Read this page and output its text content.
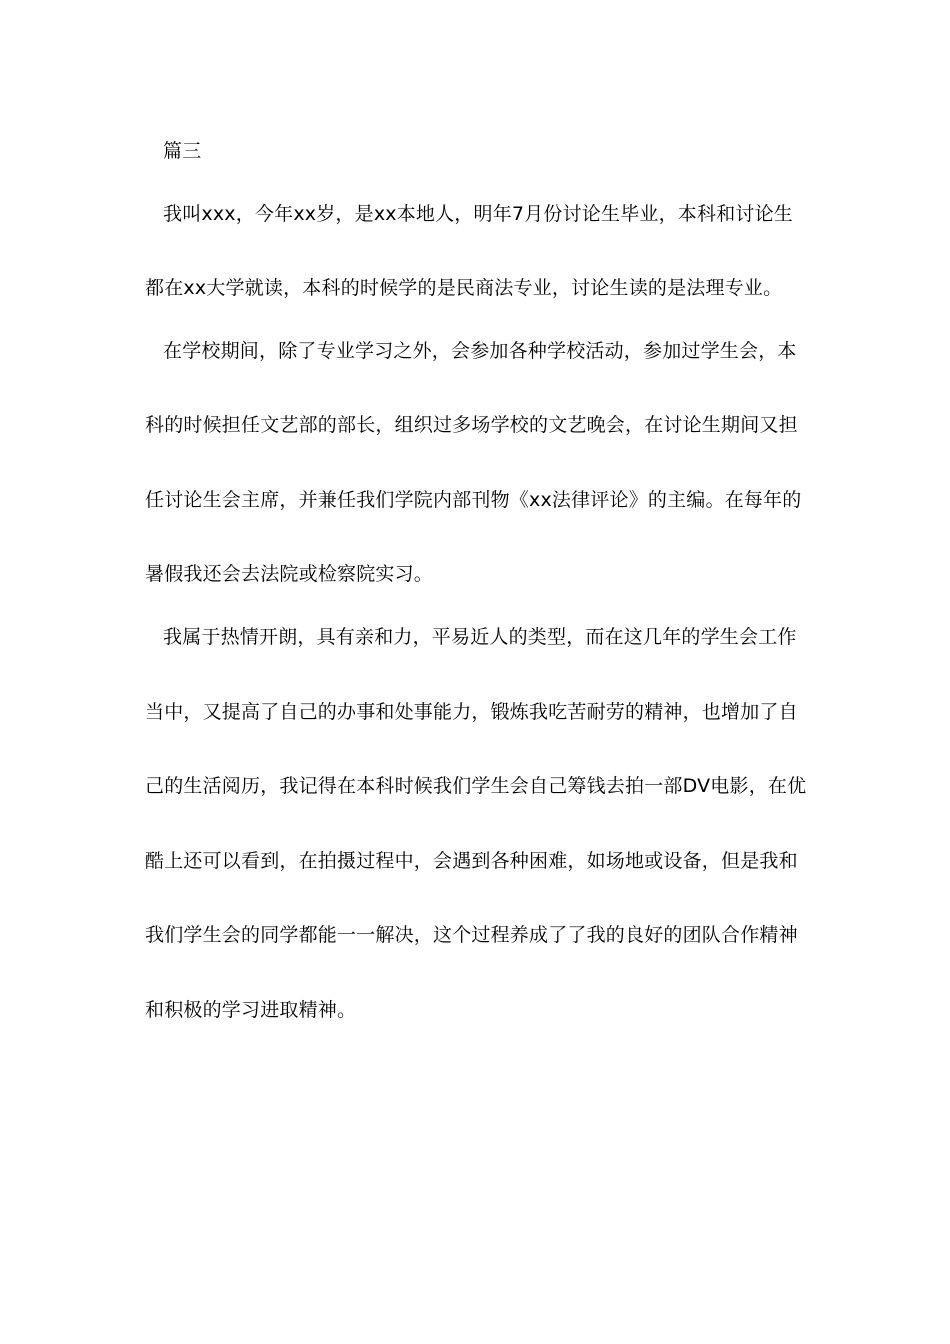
篇三
我叫xxx，今年xx岁，是xx本地人，明年7月份讨论生毕业，本科和讨论生
都在xx大学就读，本科的时候学的是民商法专业，讨论生读的是法理专业。
在学校期间，除了专业学习之外，会参加各种学校活动，参加过学生会，本
科的时候担任文艺部的部长，组织过多场学校的文艺晚会，在讨论生期间又担
任讨论生会主席，并兼任我们学院内部刊物《xx法律评论》的主编。在每年的
暑假我还会去法院或检察院实习。
我属于热情开朗，具有亲和力，平易近人的类型，而在这几年的学生会工作
当中，又提高了自己的办事和处事能力，锻炼我吃苦耐劳的精神，也增加了自
己的生活阅历，我记得在本科时候我们学生会自己筹钱去拍一部DV电影，在优
酷上还可以看到，在拍摄过程中，会遇到各种困难，如场地或设备，但是我和
我们学生会的同学都能一一解决，这个过程养成了了我的良好的团队合作精神
和积极的学习进取精神。
